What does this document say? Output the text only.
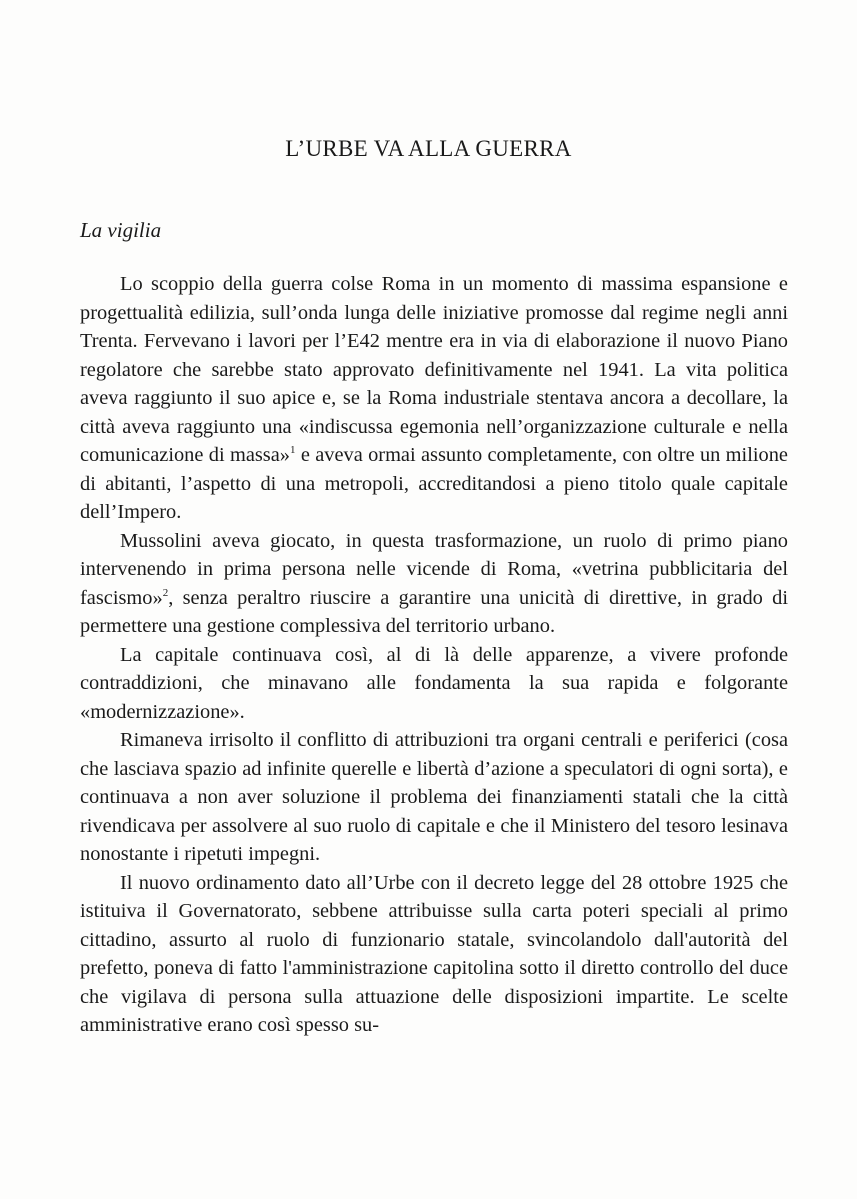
L’URBE VA ALLA GUERRA
La vigilia

Lo scoppio della guerra colse Roma in un momento di massima espansione e progettualità edilizia, sull’onda lunga delle iniziative promosse dal regime negli anni Trenta. Fervevano i lavori per l’E42 mentre era in via di elaborazione il nuovo Piano regolatore che sarebbe stato approvato definitivamente nel 1941. La vita politica aveva raggiunto il suo apice e, se la Roma industriale stentava ancora a decollare, la città aveva raggiunto una «indiscussa egemonia nell’organizzazione culturale e nella comunicazione di massa»$^1$ e aveva ormai assunto completamente, con oltre un milione di abitanti, l’aspetto di una metropoli, accreditandosi a pieno titolo quale capitale dell’Impero.

Mussolini aveva giocato, in questa trasformazione, un ruolo di primo piano intervenendo in prima persona nelle vicende di Roma, «vetrina pubblicitaria del fascismo»$^2$, senza peraltro riuscire a garantire una unicità di direttive, in grado di permettere una gestione complessiva del territorio urbano.

La capitale continuava così, al di là delle apparenze, a vivere profonde contraddizioni, che minavano alle fondamenta la sua rapida e folgorante «modernizzazione».

Rimaneva irrisolto il conflitto di attribuzioni tra organi centrali e periferici (cosa che lasciava spazio ad infinite querelle e libertà d’azione a speculatori di ogni sorta), e continuava a non aver soluzione il problema dei finanziamenti statali che la città rivendicava per assolvere al suo ruolo di capitale e che il Ministero del tesoro lesinava nonostante i ripetuti impegni.

Il nuovo ordinamento dato all’Urbe con il decreto legge del 28 ottobre 1925 che istituiva il Governatorato, sebbene attribuisse sulla carta poteri speciali al primo cittadino, assurto al ruolo di funzionario statale, svincolandolo dall'autorità del prefetto, poneva di fatto l'amministrazione capitolina sotto il diretto controllo del duce che vigilava di persona sulla attuazione delle disposizioni impartite. Le scelte amministrative erano così spesso su-
